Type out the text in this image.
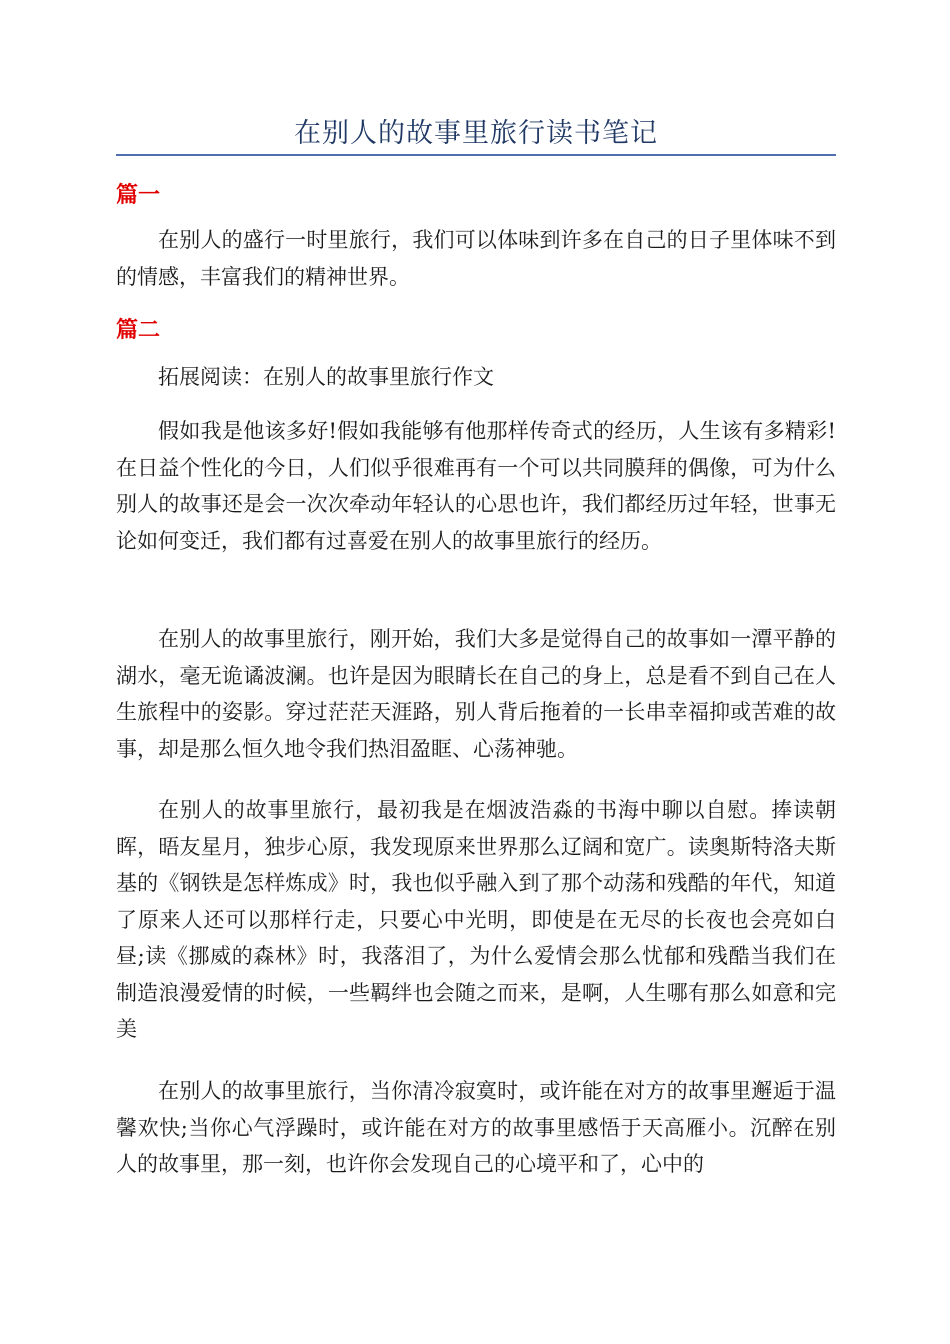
在别人的故事里旅行读书笔记
篇一

在别人的盛行一时里旅行，我们可以体味到许多在自己的日子里体味不到的情感，丰富我们的精神世界。

篇二

拓展阅读：在别人的故事里旅行作文

假如我是他该多好!假如我能够有他那样传奇式的经历，人生该有多精彩!在日益个性化的今日，人们似乎很难再有一个可以共同膜拜的偶像，可为什么别人的故事还是会一次次牵动年轻认的心思也许，我们都经历过年轻，世事无论如何变迁，我们都有过喜爱在别人的故事里旅行的经历。

在别人的故事里旅行，刚开始，我们大多是觉得自己的故事如一潭平静的湖水，毫无诡谲波澜。也许是因为眼睛长在自己的身上，总是看不到自己在人生旅程中的姿影。穿过茫茫天涯路，别人背后拖着的一长串幸福抑或苦难的故事，却是那么恒久地令我们热泪盈眶、心荡神驰。

在别人的故事里旅行，最初我是在烟波浩淼的书海中聊以自慰。捧读朝晖，晤友星月，独步心原，我发现原来世界那么辽阔和宽广。读奥斯特洛夫斯基的《钢铁是怎样炼成》时，我也似乎融入到了那个动荡和残酷的年代，知道了原来人还可以那样行走，只要心中光明，即使是在无尽的长夜也会亮如白昼;读《挪威的森林》时，我落泪了，为什么爱情会那么忧郁和残酷当我们在制造浪漫爱情的时候，一些羁绊也会随之而来，是啊，人生哪有那么如意和完美

在别人的故事里旅行，当你清冷寂寞时，或许能在对方的故事里邂逅于温馨欢快;当你心气浮躁时，或许能在对方的故事里感悟于天高雁小。沉醉在别人的故事里，那一刻，也许你会发现自己的心境平和了，心中的
